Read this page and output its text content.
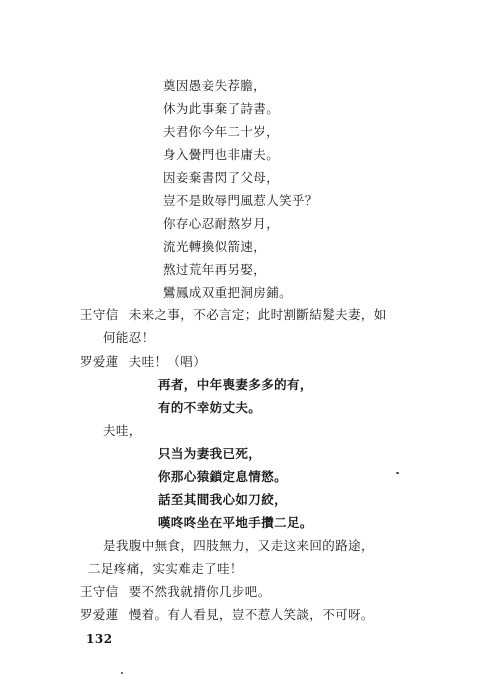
奠因愚妾失荐膽，
休为此事棄了詩書。
夫君你今年二十岁，
身入黌門也非庸夫。
因妾棄書閃了父母，
豈不是敗辱門風惹人笑乎？
你存心忍耐熬岁月，
流光轉換似箭速，
熬过荒年再另娶，
鸞鳳成双重把洞房鋪。
王守信 未来之事，不必言定；此时割斷結髮夫妻，如
何能忍！
罗爱蓮 夫哇！（唱）
再者，中年喪妻多多的有，
有的不幸妨丈夫。
夫哇，
只当为妻我已死，
你那心猿鎖定息情慾。
話至其間我心如刀絞，
嘆咚咚坐在平地手攢二足。
是我腹中無食，四肢無力，又走这来回的路途，
二足疼痛，实实难走了哇！
王守信 要不然我就揹你几步吧。
罗爱蓮 慢着。有人看見，豈不惹人笑談，不可呀。
132
